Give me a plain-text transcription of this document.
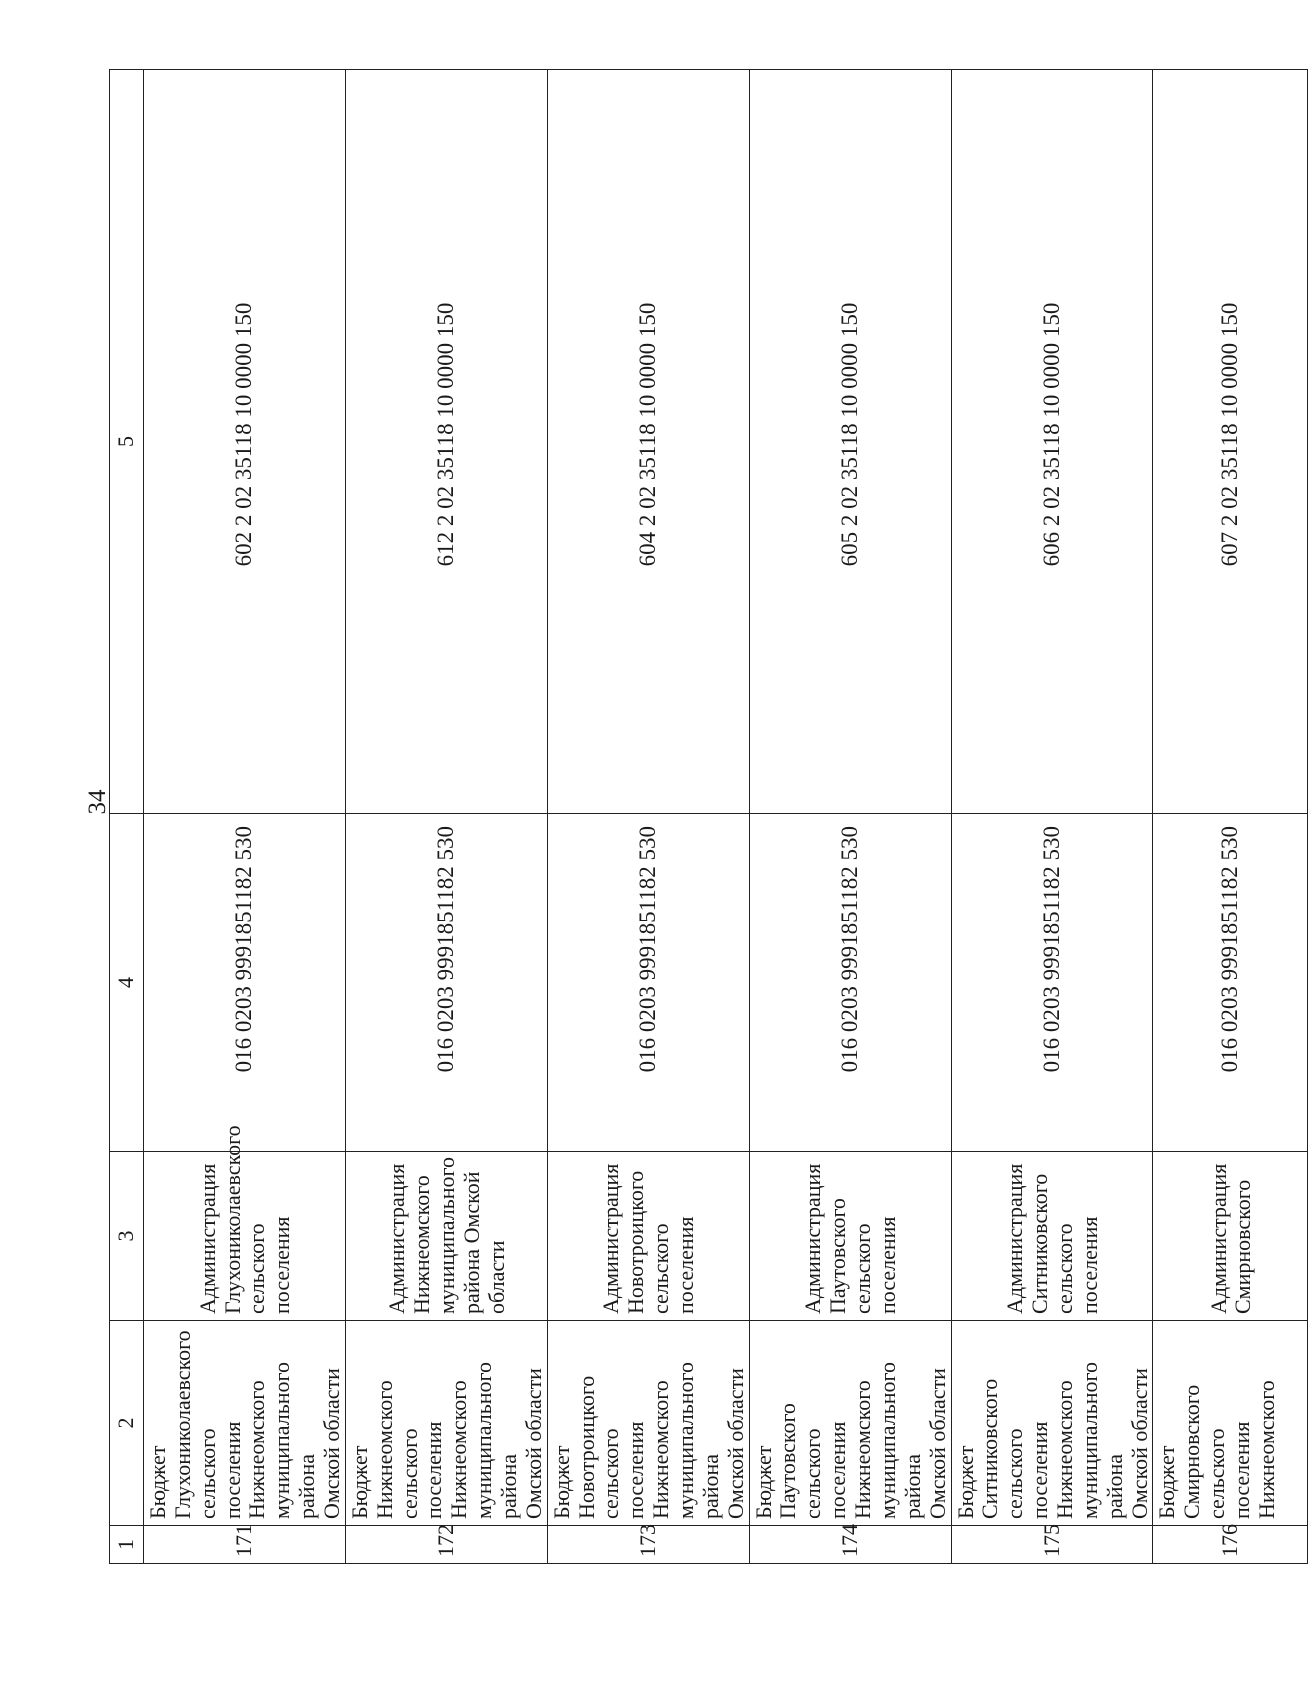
34
1	2	3	4	5
171	Бюджет Глухониколаевского
сельского поселения
Нижнеомского
муниципального района
Омской области	Администрация
Глухониколаевского
сельского поселения	016 0203 9991851182 530	602 2 02 35118 10 0000 150
172	Бюджет Нижнеомского
сельского поселения
Нижнеомского
муниципального района
Омской области	Администрация
Нижнеомского
муниципального
района Омской
области	016 0203 9991851182 530	612 2 02 35118 10 0000 150
173	Бюджет Новотроицкого
сельского поселения
Нижнеомского
муниципального района
Омской области	Администрация
Новотроицкого
сельского поселения	016 0203 9991851182 530	604 2 02 35118 10 0000 150
174	Бюджет Паутовского
сельского поселения
Нижнеомского
муниципального района
Омской области	Администрация
Паутовского сельского
поселения	016 0203 9991851182 530	605 2 02 35118 10 0000 150
175	Бюджет Ситниковского
сельского поселения
Нижнеомского
муниципального района
Омской области	Администрация
Ситниковского
сельского поселения	016 0203 9991851182 530	606 2 02 35118 10 0000 150
176	Бюджет Смирновского
сельского поселения
Нижнеомского	Администрация
Смирновского	016 0203 9991851182 530	607 2 02 35118 10 0000 150
